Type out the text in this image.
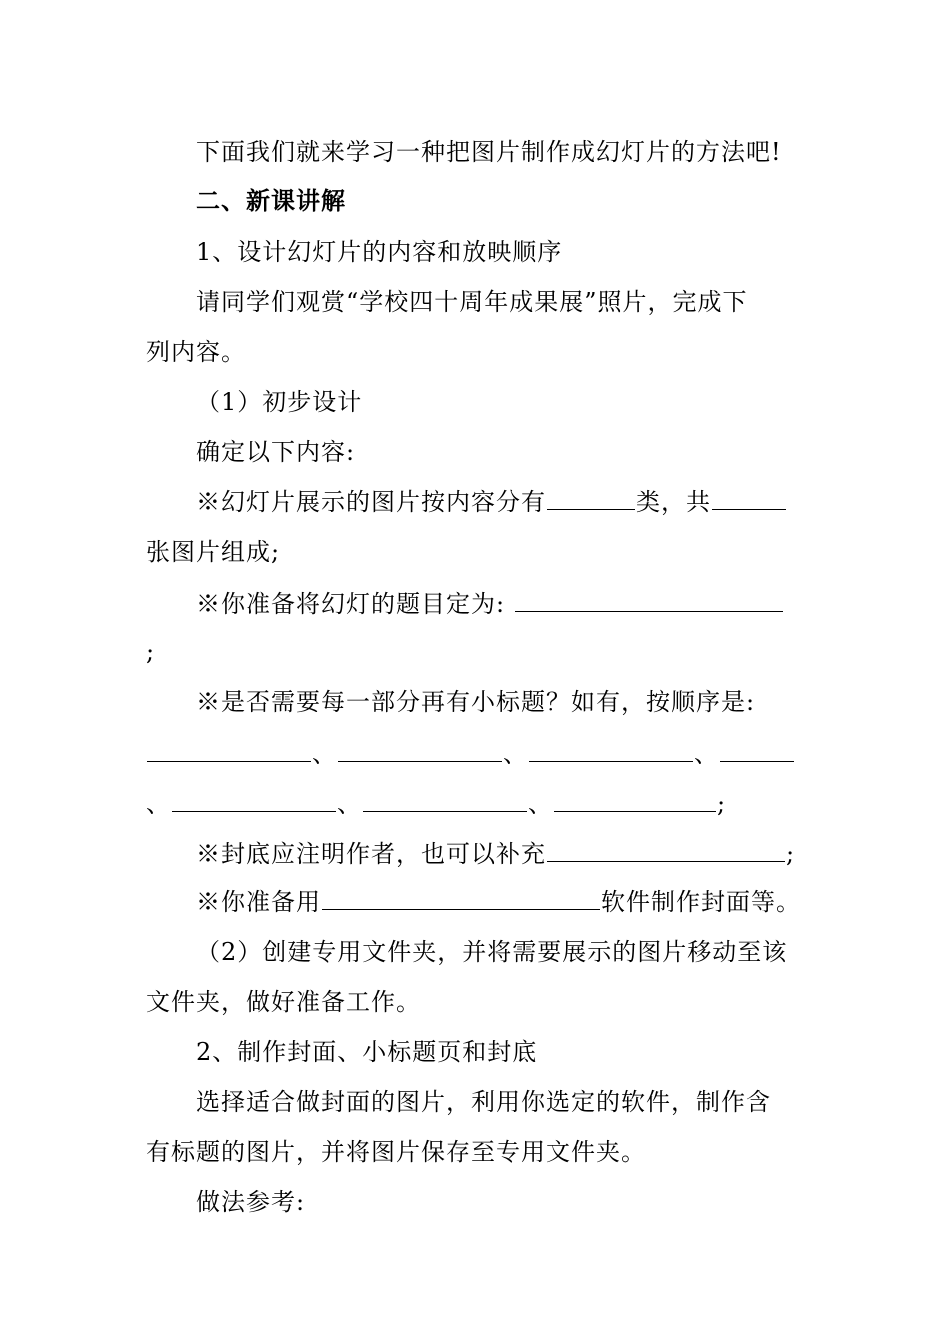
下面我们就来学习一种把图片制作成幻灯片的方法吧!
二、新课讲解
1、设计幻灯片的内容和放映顺序
请同学们观赏“学校四十周年成果展”照片，完成下
列内容。
（1）初步设计
确定以下内容:
※幻灯片展示的图片按内容分有	类，共
张图片组成;
※你准备将幻灯的题目定为:
;
※是否需要每一部分再有小标题？如有，按顺序是:
、	、	、
、	、	、	;
※封底应注明作者，也可以补充	;
※你准备用	软件制作封面等。
（2）创建专用文件夹，并将需要展示的图片移动至该
文件夹，做好准备工作。
2、制作封面、小标题页和封底
选择适合做封面的图片，利用你选定的软件，制作含
有标题的图片，并将图片保存至专用文件夹。
做法参考:
